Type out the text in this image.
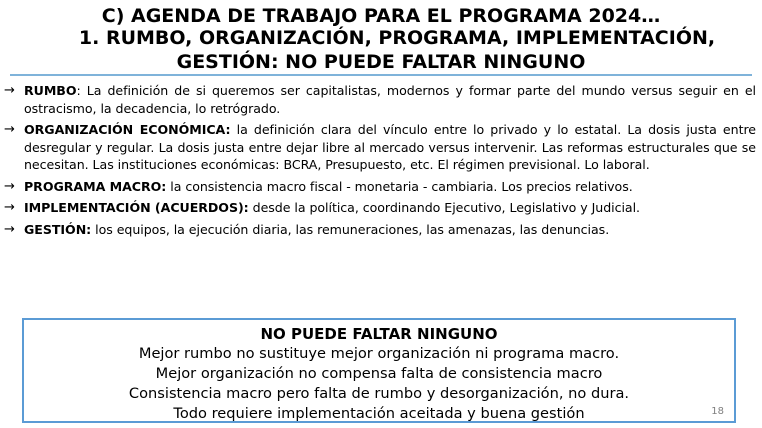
C) AGENDA DE TRABAJO PARA EL PROGRAMA 2024…
1. RUMBO, ORGANIZACIÓN, PROGRAMA, IMPLEMENTACIÓN,
GESTIÓN: NO PUEDE FALTAR NINGUNO
→ RUMBO: La definición de si queremos ser capitalistas, modernos y formar parte del mundo versus seguir en el ostracismo, la decadencia, lo retrógrado.
→ ORGANIZACIÓN ECONÓMICA: la definición clara del vínculo entre lo privado y lo estatal. La dosis justa entre desregular y regular. La dosis justa entre dejar libre al mercado versus intervenir. Las reformas estructurales que se necesitan. Las instituciones económicas: BCRA, Presupuesto, etc. El régimen previsional. Lo laboral.
→ PROGRAMA MACRO: la consistencia macro fiscal - monetaria - cambiaria. Los precios relativos.
→ IMPLEMENTACIÓN (ACUERDOS): desde la política, coordinando Ejecutivo, Legislativo y Judicial.
→ GESTIÓN: los equipos, la ejecución diaria, las remuneraciones, las amenazas, las denuncias.
NO PUEDE FALTAR NINGUNO
Mejor rumbo no sustituye mejor organización ni programa macro.
Mejor organización no compensa falta de consistencia macro
Consistencia macro pero falta de rumbo y desorganización, no dura.
Todo requiere implementación aceitada y buena gestión	18
